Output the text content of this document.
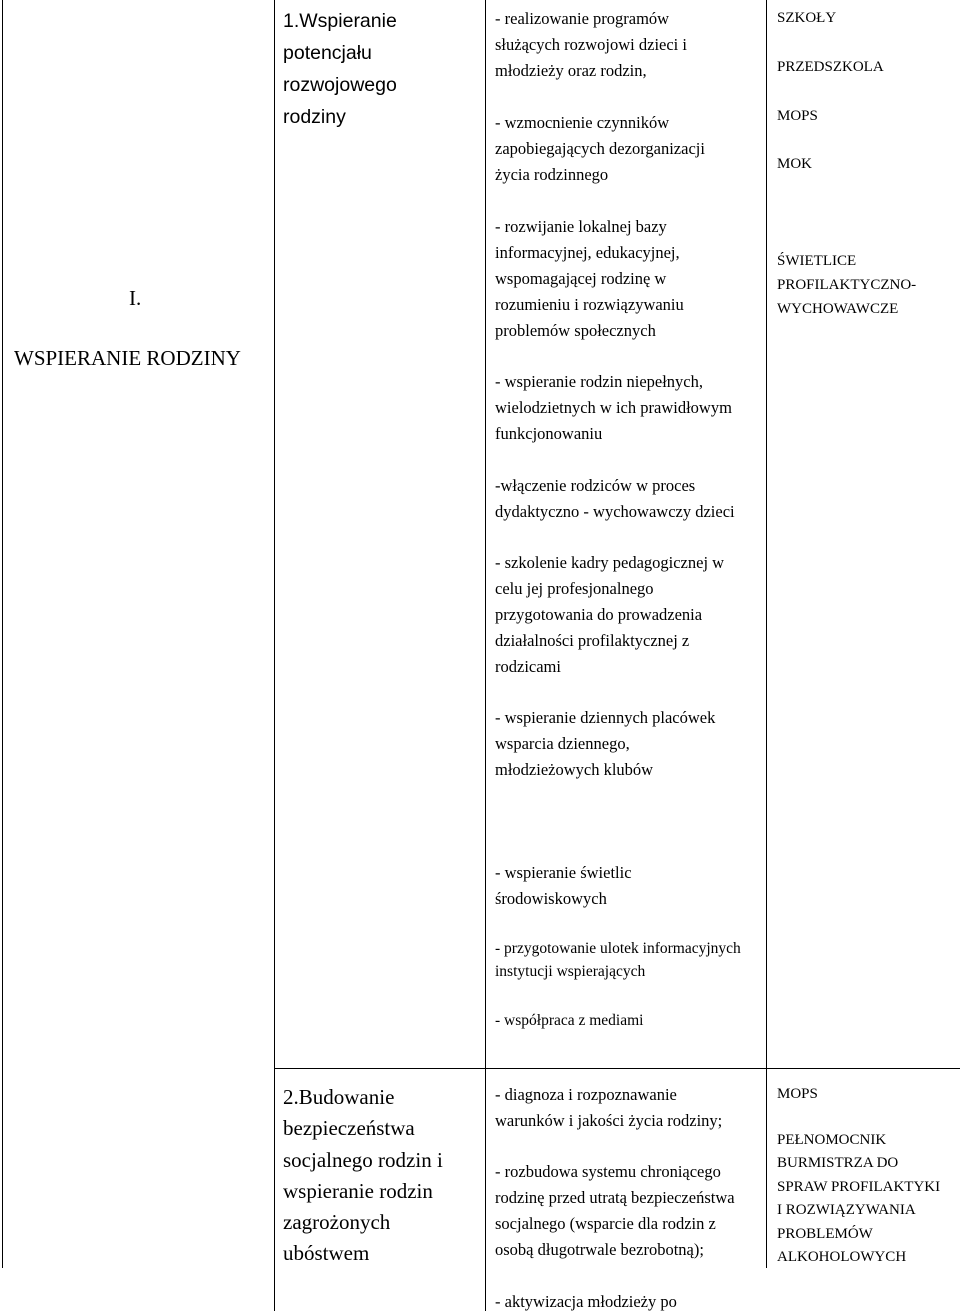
I.
WSPIERANIE RODZINY
1.Wspieranie
potencjału
rozwojowego
rodziny
- realizowanie programów
służących rozwojowi dzieci i
młodzieży oraz rodzin,
- wzmocnienie czynników
zapobiegających dezorganizacji
życia rodzinnego
- rozwijanie lokalnej bazy
informacyjnej, edukacyjnej,
wspomagającej rodzinę w
rozumieniu i rozwiązywaniu
problemów społecznych
- wspieranie rodzin niepełnych,
wielodzietnych w ich prawidłowym
funkcjonowaniu
-włączenie rodziców w proces
dydaktyczno - wychowawczy dzieci
- szkolenie kadry pedagogicznej w
celu jej profesjonalnego
przygotowania do prowadzenia
działalności profilaktycznej z
rodzicami
- wspieranie dziennych placówek
wsparcia dziennego,
młodzieżowych klubów
- wspieranie świetlic
środowiskowych
- przygotowanie ulotek informacyjnych
instytucji wspierających
- współpraca z mediami
SZKOŁY
PRZEDSZKOLA
MOPS
MOK
ŚWIETLICE
PROFILAKTYCZNO-
WYCHOWAWCZE
2.Budowanie
bezpieczeństwa
socjalnego rodzin i
wspieranie rodzin
zagrożonych
ubóstwem
- diagnoza i rozpoznawanie
warunków i jakości życia rodziny;
- rozbudowa systemu chroniącego
rodzinę przed utratą bezpieczeństwa
socjalnego (wsparcie dla rodzin z
osobą długotrwale bezrobotną);
- aktywizacja młodzieży po
MOPS
PEŁNOMOCNIK
BURMISTRZA DO
SPRAW PROFILAKTYKI
I ROZWIĄZYWANIA
PROBLEMÓW
ALKOHOLOWYCH
